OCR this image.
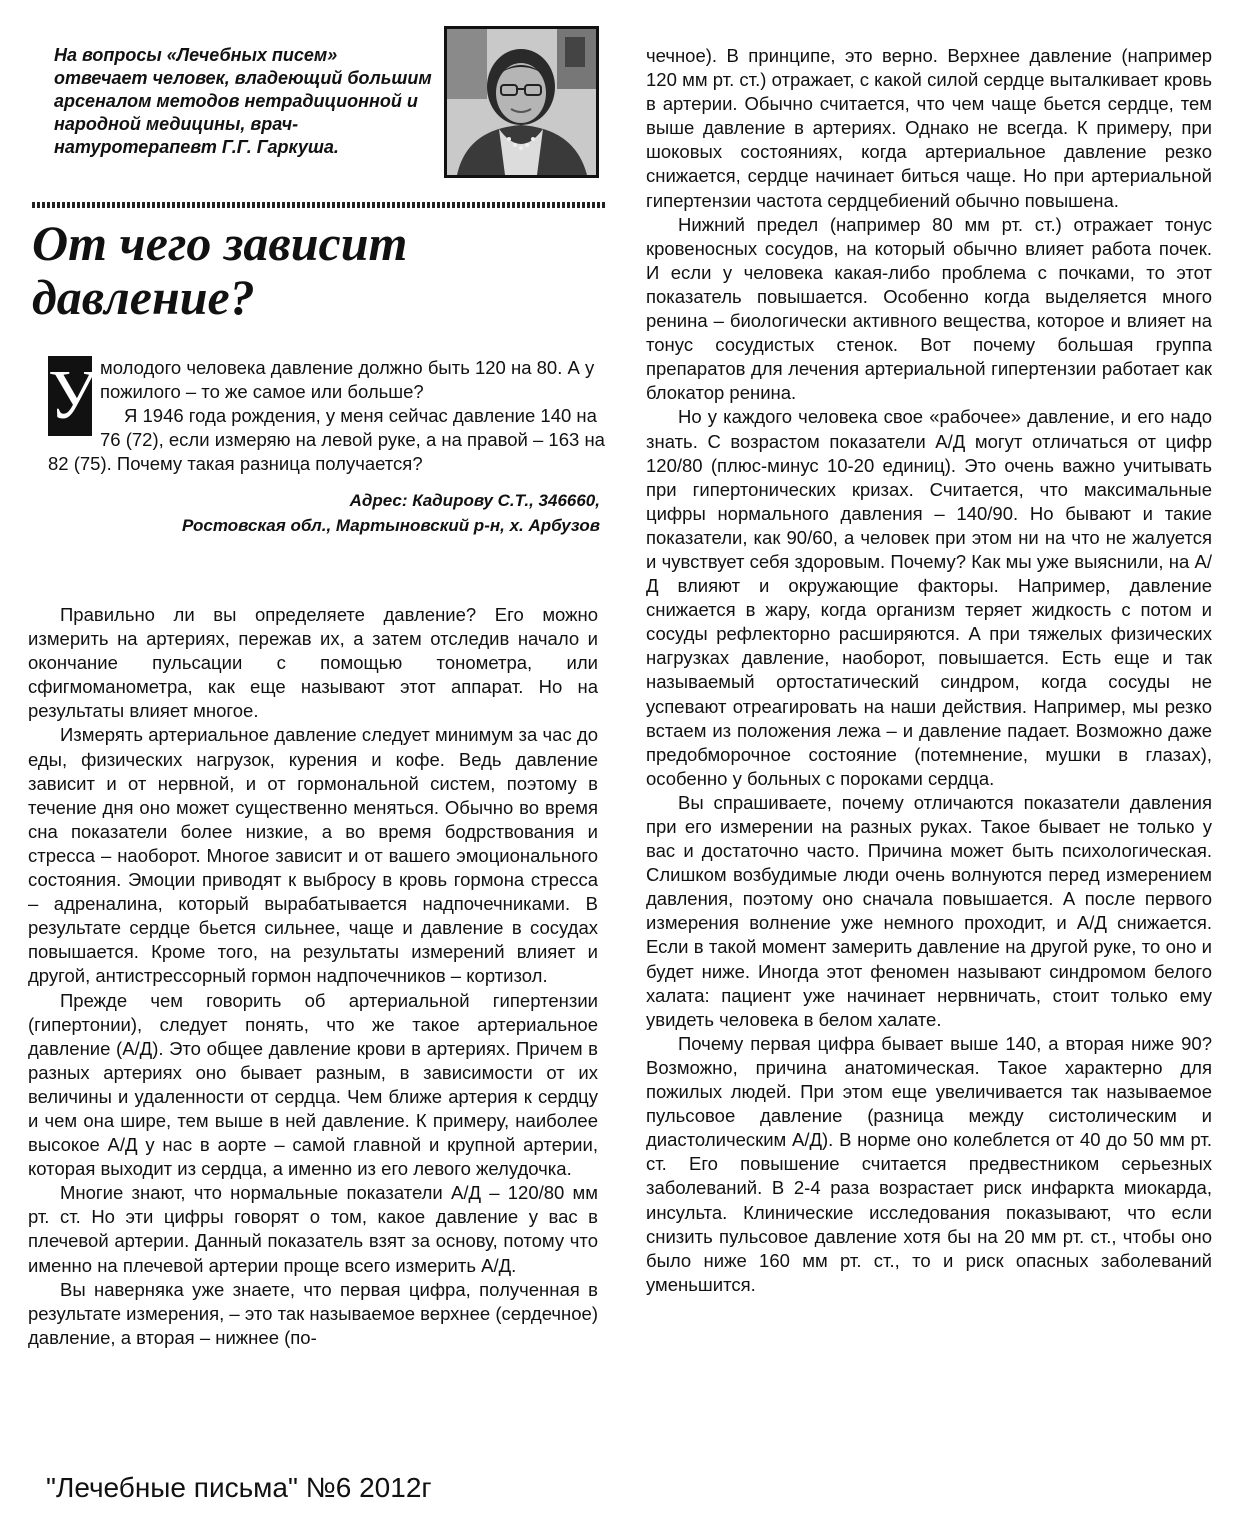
На вопросы «Лечебных писем» отвечает человек, владеющий большим арсеналом методов нетрадиционной и народной медицины, врач-натуротерапевт Г.Г. Гаркуша.
От чего зависит давление?
У молодого человека давление должно быть 120 на 80. А у пожилого – то же самое или больше?

Я 1946 года рождения, у меня сейчас давление 140 на 76 (72), если измеряю на левой руке, а на правой – 163 на 82 (75). Почему такая разница получается?

Адрес: Кадирову С.Т., 346660,
Ростовская обл., Мартыновский р-н, х. Арбузов

Правильно ли вы определяете давление? Его можно измерить на артериях, пережав их, а затем отследив начало и окончание пульсации с помощью тонометра, или сфигмоманометра, как еще называют этот аппарат. Но на результаты влияет многое.

Измерять артериальное давление следует минимум за час до еды, физических нагрузок, курения и кофе. Ведь давление зависит и от нервной, и от гормональной систем, поэтому в течение дня оно может существенно меняться. Обычно во время сна показатели более низкие, а во время бодрствования и стресса – наоборот. Многое зависит и от вашего эмоционального состояния. Эмоции приводят к выбросу в кровь гормона стресса – адреналина, который вырабатывается надпочечниками. В результате сердце бьется сильнее, чаще и давление в сосудах повышается. Кроме того, на результаты измерений влияет и другой, антистрессорный гормон надпочечников – кортизол.

Прежде чем говорить об артериальной гипертензии (гипертонии), следует понять, что же такое артериальное давление (А/Д). Это общее давление крови в артериях. Причем в разных артериях оно бывает разным, в зависимости от их величины и удаленности от сердца. Чем ближе артерия к сердцу и чем она шире, тем выше в ней давление. К примеру, наиболее высокое А/Д у нас в аорте – самой главной и крупной артерии, которая выходит из сердца, а именно из его левого желудочка.

Многие знают, что нормальные показатели А/Д – 120/80 мм рт. ст. Но эти цифры говорят о том, какое давление у вас в плечевой артерии. Данный показатель взят за основу, потому что именно на плечевой артерии проще всего измерить А/Д.

Вы наверняка уже знаете, что первая цифра, полученная в результате измерения, – это так называемое верхнее (сердечное) давление, а вторая – нижнее (по-

чечное). В принципе, это верно. Верхнее давление (например 120 мм рт. ст.) отражает, с какой силой сердце выталкивает кровь в артерии. Обычно считается, что чем чаще бьется сердце, тем выше давление в артериях. Однако не всегда. К примеру, при шоковых состояниях, когда артериальное давление резко снижается, сердце начинает биться чаще. Но при артериальной гипертензии частота сердцебиений обычно повышена.

Нижний предел (например 80 мм рт. ст.) отражает тонус кровеносных сосудов, на который обычно влияет работа почек. И если у человека какая-либо проблема с почками, то этот показатель повышается. Особенно когда выделяется много ренина – биологически активного вещества, которое и влияет на тонус сосудистых стенок. Вот почему большая группа препаратов для лечения артериальной гипертензии работает как блокатор ренина.

Но у каждого человека свое «рабочее» давление, и его надо знать. С возрастом показатели А/Д могут отличаться от цифр 120/80 (плюс-минус 10-20 единиц). Это очень важно учитывать при гипертонических кризах. Считается, что максимальные цифры нормального давления – 140/90. Но бывают и такие показатели, как 90/60, а человек при этом ни на что не жалуется и чувствует себя здоровым. Почему? Как мы уже выяснили, на А/Д влияют и окружающие факторы. Например, давление снижается в жару, когда организм теряет жидкость с потом и сосуды рефлекторно расширяются. А при тяжелых физических нагрузках давление, наоборот, повышается. Есть еще и так называемый ортостатический синдром, когда сосуды не успевают отреагировать на наши действия. Например, мы резко встаем из положения лежа – и давление падает. Возможно даже предобморочное состояние (потемнение, мушки в глазах), особенно у больных с пороками сердца.

Вы спрашиваете, почему отличаются показатели давления при его измерении на разных руках. Такое бывает не только у вас и достаточно часто. Причина может быть психологическая. Слишком возбудимые люди очень волнуются перед измерением давления, поэтому оно сначала повышается. А после первого измерения волнение уже немного проходит, и А/Д снижается. Если в такой момент замерить давление на другой руке, то оно и будет ниже. Иногда этот феномен называют синдромом белого халата: пациент уже начинает нервничать, стоит только ему увидеть человека в белом халате.

Почему первая цифра бывает выше 140, а вторая ниже 90? Возможно, причина анатомическая. Такое характерно для пожилых людей. При этом еще увеличивается так называемое пульсовое давление (разница между систолическим и диастолическим А/Д). В норме оно колеблется от 40 до 50 мм рт. ст. Его повышение считается предвестником серьезных заболеваний. В 2-4 раза возрастает риск инфаркта миокарда, инсульта. Клинические исследования показывают, что если снизить пульсовое давление хотя бы на 20 мм рт. ст., чтобы оно было ниже 160 мм рт. ст., то и риск опасных заболеваний уменьшится.

"Лечебные письма" №6 2012г
